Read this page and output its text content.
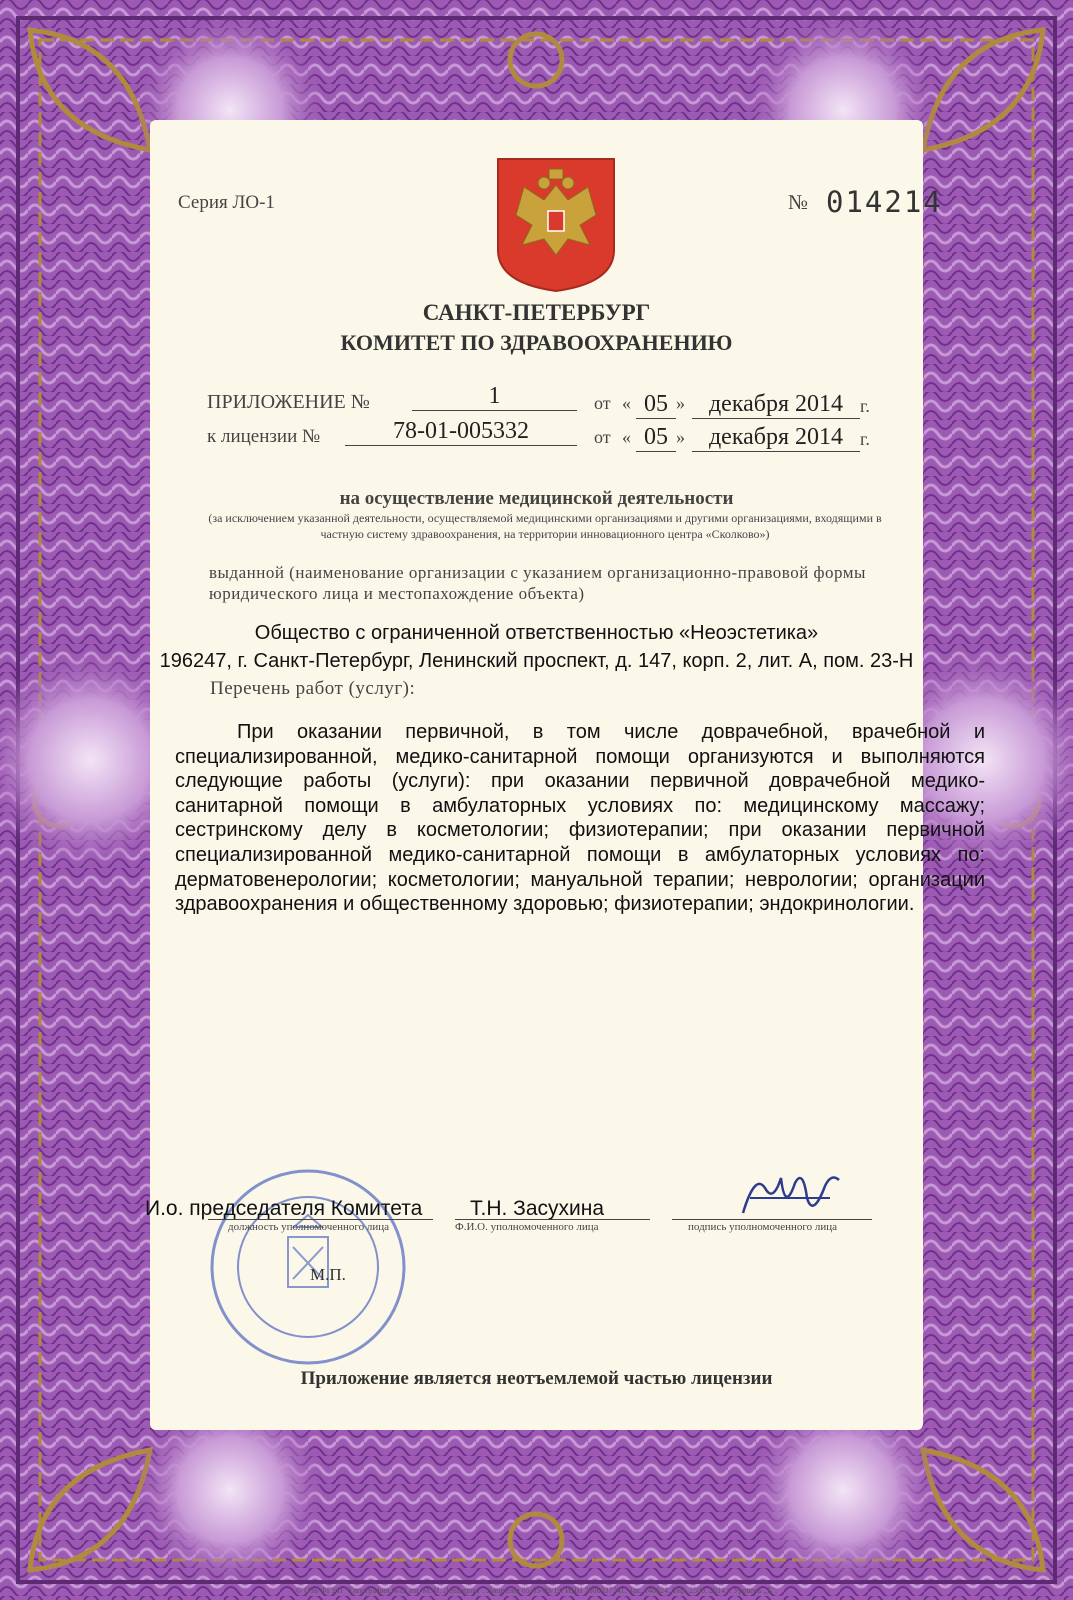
Серия ЛО-1	№ 014214
САНКТ-ПЕТЕРБУРГ
КОМИТЕТ ПО ЗДРАВООХРАНЕНИЮ
ПРИЛОЖЕНИЕ №	1	от « 05 » декабря 2014 г.
к лицензии №	78-01-005332	от « 05 » декабря 2014 г.
на осуществление медицинской деятельности
(за исключением указанной деятельности, осуществляемой медицинскими организациями и другими организациями, входящими в частную систему здравоохранения, на территории инновационного центра «Сколково»)
выданной (наименование организации с указанием организационно-правовой формы юридического лица и местопахождение объекта)
Общество с ограниченной ответственностью «Неоэстетика»
196247, г. Санкт-Петербург, Ленинский проспект, д. 147, корп. 2, лит. А, пом. 23-Н
Перечень работ (услуг):

При оказании первичной, в том числе доврачебной, врачебной и специализированной, медико-санитарной помощи организуются и выполняются следующие работы (услуги): при оказании первичной доврачебной медико-санитарной помощи в амбулаторных условиях по: медицинскому массажу; сестринскому делу в косметологии; физиотерапии; при оказании первичной специализированной медико-санитарной помощи в амбулаторных условиях по: дерматовенерологии; косметологии; мануальной терапии; неврологии; организации здравоохранения и общественному здоровью; физиотерапии; эндокринологии.

И.о. председателя Комитета Т.Н. Засухина
должность уполномоченного лица	Ф.И.О. уполномоченного лица	подпись уполномоченного лица
М.П.
Приложение является неотъемлемой частью лицензии
© ОЗБ ФГУП "Типография №12 им. М. И. Лоханцова". Лицензия 05-05-09/19. ИНН 7808037741. Зак. 140824. Тир. 2500. 2014 г. Уровень „Б".
